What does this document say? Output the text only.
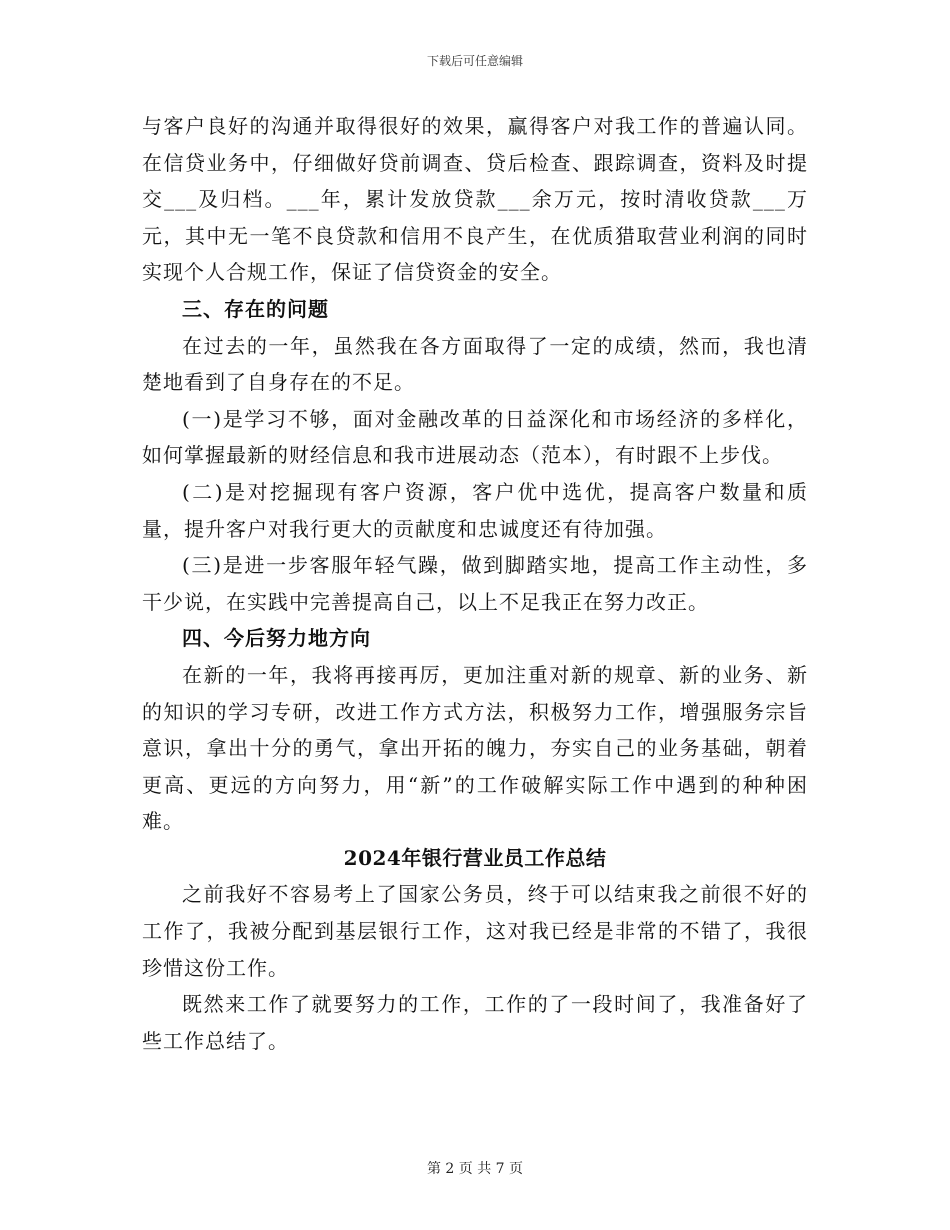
下载后可任意编辑

与客户良好的沟通并取得很好的效果，赢得客户对我工作的普遍认同。在信贷业务中，仔细做好贷前调查、贷后检查、跟踪调查，资料及时提交___及归档。___年，累计发放贷款___余万元，按时清收贷款___万元，其中无一笔不良贷款和信用不良产生，在优质猎取营业利润的同时实现个人合规工作，保证了信贷资金的安全。

三、存在的问题

在过去的一年，虽然我在各方面取得了一定的成绩，然而，我也清楚地看到了自身存在的不足。

(一)是学习不够，面对金融改革的日益深化和市场经济的多样化，如何掌握最新的财经信息和我市进展动态（范本），有时跟不上步伐。

(二)是对挖掘现有客户资源，客户优中选优，提高客户数量和质量，提升客户对我行更大的贡献度和忠诚度还有待加强。

(三)是进一步客服年轻气躁，做到脚踏实地，提高工作主动性，多干少说，在实践中完善提高自己，以上不足我正在努力改正。

四、今后努力地方向

在新的一年，我将再接再厉，更加注重对新的规章、新的业务、新的知识的学习专研，改进工作方式方法，积极努力工作，增强服务宗旨意识，拿出十分的勇气，拿出开拓的魄力，夯实自己的业务基础，朝着更高、更远的方向努力，用“新”的工作破解实际工作中遇到的种种困难。

2024年银行营业员工作总结

之前我好不容易考上了国家公务员，终于可以结束我之前很不好的工作了，我被分配到基层银行工作，这对我已经是非常的不错了，我很珍惜这份工作。

既然来工作了就要努力的工作，工作的了一段时间了，我准备好了些工作总结了。

第 2 页 共 7 页
